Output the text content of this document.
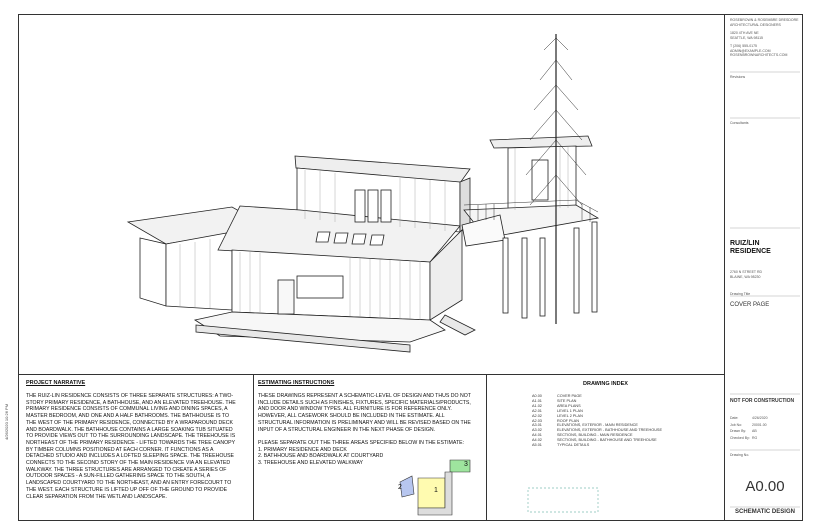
4/26/2020 10:26 PM
1
2
3
ROSEBROWN & ROSEMBRE DRESDORE
ARCHITECTURAL DESIGNERS
1820 4TH AVE NE
SEATTLE, WA 98115
T (206) 555-0175
ADMIN@EXAMPLE.COM
ROSENBROWNARCHITECTS.COM
Revisions
Consultants
RUIZ/LIN
RESIDENCE
2760 N STREET RD
BLAINE, WA 98230
Drawing Title
COVER PAGE
NOT FOR CONSTRUCTION
Date:	4/26/2020
Job No:	20001.00
Drawn By:	AB
Checked By: RG
Drawing No.
A0.00
SCHEMATIC DESIGN
PROJECT NARRATIVE
THE RUIZ-LIN RESIDENCE CONSISTS OF THREE SEPARATE STRUCTURES: A TWO-
STORY PRIMARY RESIDENCE, A BATHHOUSE, AND AN ELEVATED TREEHOUSE. THE
PRIMARY RESIDENCE CONSISTS OF COMMUNAL LIVING AND DINING SPACES, A
MASTER BEDROOM, AND ONE AND A HALF BATHROOMS. THE BATHHOUSE IS TO
THE WEST OF THE PRIMARY RESIDENCE, CONNECTED BY A WRAPAROUND DECK
AND BOARDWALK. THE BATHHOUSE CONTAINS A LARGE SOAKING TUB SITUATED
TO PROVIDE VIEWS OUT TO THE SURROUNDING LANDSCAPE. THE TREEHOUSE IS
NORTHEAST OF THE PRIMARY RESIDENCE - LIFTED TOWARDS THE TREE CANOPY
BY TIMBER COLUMNS POSITIONED AT EACH CORNER. IT FUNCTIONS AS A
DETACHED STUDIO AND INCLUDES A LOFTED SLEEPING SPACE. THE TREEHOUSE
CONNECTS TO THE SECOND STORY OF THE MAIN RESIDENCE VIA AN ELEVATED
WALKWAY. THE THREE STRUCTURES ARE ARRANGED TO CREATE A SERIES OF
OUTDOOR SPACES - A SUN-FILLED GATHERING SPACE TO THE SOUTH, A
LANDSCAPED COURTYARD TO THE NORTHEAST, AND AN ENTRY FORECOURT TO
THE WEST. EACH STRUCTURE IS LIFTED UP OFF OF THE GROUND TO PROVIDE
CLEAR SEPARATION FROM THE WETLAND LANDSCAPE.
ESTIMATING INSTRUCTIONS
THESE DRAWINGS REPRESENT A SCHEMATIC-LEVEL OF DESIGN AND THUS DO NOT
INCLUDE DETAILS SUCH AS FINISHES, FIXTURES, SPECIFIC MATERIALS/PRODUCTS,
AND DOOR AND WINDOW TYPES. ALL FURNITURE IS FOR REFERENCE ONLY.
HOWEVER, ALL CASEWORK SHOULD BE INCLUDED IN THE ESTIMATE. ALL
STRUCTURAL INFORMATION IS PRELIMINARY AND WILL BE REVISED BASED ON THE
INPUT OF A STRUCTURAL ENGINEER IN THE NEXT PHASE OF DESIGN.
PLEASE SEPARATE OUT THE THREE AREAS SPECIFIED BELOW IN THE ESTIMATE:
1. PRIMARY RESIDENCE AND DECK
2. BATHHOUSE AND BOARDWALK AT COURTYARD
3. TREEHOUSE AND ELEVATED WALKWAY
DRAWING INDEX
A0.00	COVER PAGE
A1.01	SITE PLAN
A1.02	AREA PLANS
A2.01	LEVEL 1 PLAN
A2.02	LEVEL 2 PLAN
A2.03	ROOF PLAN
A3.01	ELEVATIONS, EXTERIOR - MAIN RESIDENCE
A3.02	ELEVATIONS, EXTERIOR - BATHHOUSE AND TREEHOUSE
A4.01	SECTIONS, BUILDING - MAIN RESIDENCE
A4.02	SECTIONS, BUILDING - BATHHOUSE AND TREEHOUSE
A5.01	TYPICAL DETAILS
